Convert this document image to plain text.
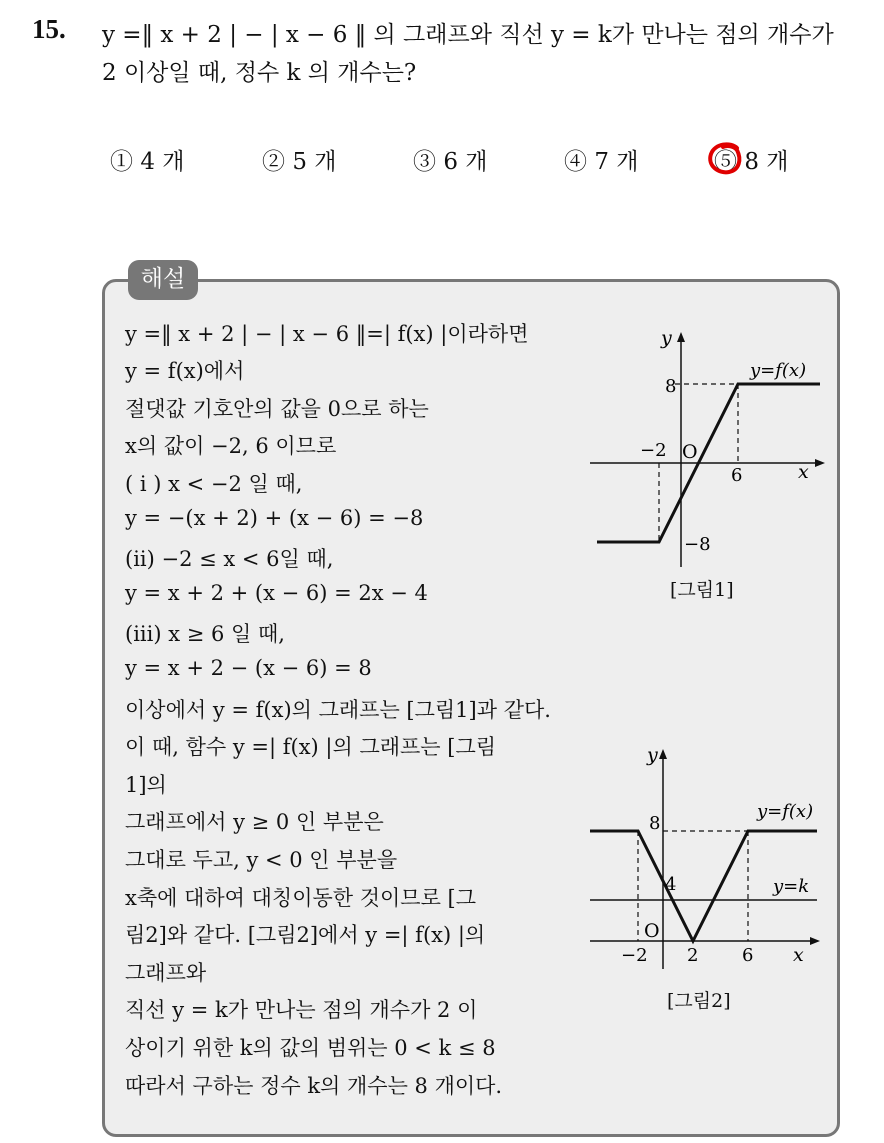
15. y =‖ x + 2 | − | x − 6 ‖ 의 그래프와 직선 y = k가 만나는 점의 개수가
2 이상일 때, 정수 k 의 개수는?
① 4 개	② 5 개	③ 6 개	④ 7 개	⑤ 8 개
해설
y =‖ x + 2 | − | x − 6 ‖=| f(x) |이라하면
y = f(x)에서
절댓값 기호안의 값을 0으로 하는
x의 값이 −2, 6 이므로
( i ) x < −2 일 때,
y = −(x + 2) + (x − 6) = −8
(ii) −2 ≤ x < 6일 때,
y = x + 2 + (x − 6) = 2x − 4
(iii) x ≥ 6 일 때,
y = x + 2 − (x − 6) = 8
이상에서 y = f(x)의 그래프는 [그림1]과 같다.
이 때, 함수 y =| f(x) |의 그래프는 [그림
1]의
그래프에서 y ≥ 0 인 부분은
그대로 두고, y < 0 인 부분을
x축에 대하여 대칭이동한 것이므로 [그
림2]와 같다. [그림2]에서 y =| f(x) |의
그래프와
직선 y = k가 만나는 점의 개수가 2 이
상이기 위한 k의 값의 범위는 0 < k ≤ 8
따라서 구하는 정수 k의 개수는 8 개이다.
y
x
O
8
−8
−2
6
y=f(x)
[그림1]
y
x
O
8
4
−2 2 6
y=f(x)
y=k
[그림2]
